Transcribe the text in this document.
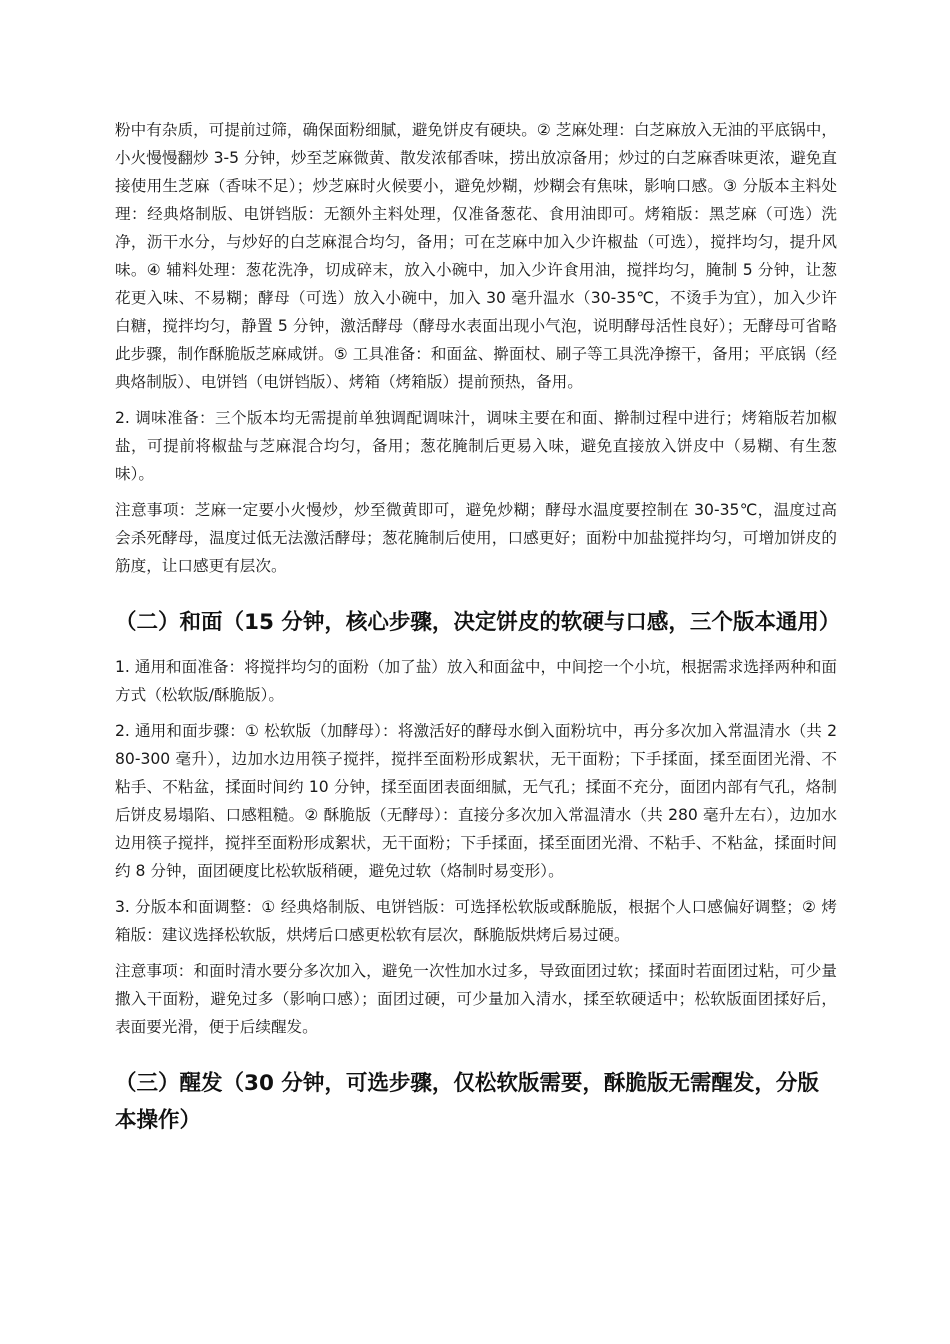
粉中有杂质，可提前过筛，确保面粉细腻，避免饼皮有硬块。② 芝麻处理：白芝麻放入无油的平底锅中，小火慢慢翻炒 3-5 分钟，炒至芝麻微黄、散发浓郁香味，捞出放凉备用；炒过的白芝麻香味更浓，避免直接使用生芝麻（香味不足）；炒芝麻时火候要小，避免炒糊，炒糊会有焦味，影响口感。③ 分版本主料处理：经典烙制版、电饼铛版：无额外主料处理，仅准备葱花、食用油即可。烤箱版：黑芝麻（可选）洗净，沥干水分，与炒好的白芝麻混合均匀，备用；可在芝麻中加入少许椒盐（可选），搅拌均匀，提升风味。④ 辅料处理：葱花洗净，切成碎末，放入小碗中，加入少许食用油，搅拌均匀，腌制 5 分钟，让葱花更入味、不易糊；酵母（可选）放入小碗中，加入 30 毫升温水（30-35℃，不烫手为宜），加入少许白糖，搅拌均匀，静置 5 分钟，激活酵母（酵母水表面出现小气泡，说明酵母活性良好）；无酵母可省略此步骤，制作酥脆版芝麻咸饼。⑤ 工具准备：和面盆、擀面杖、刷子等工具洗净擦干，备用；平底锅（经典烙制版）、电饼铛（电饼铛版）、烤箱（烤箱版）提前预热，备用。

2. 调味准备：三个版本均无需提前单独调配调味汁，调味主要在和面、擀制过程中进行；烤箱版若加椒盐，可提前将椒盐与芝麻混合均匀，备用；葱花腌制后更易入味，避免直接放入饼皮中（易糊、有生葱味）。

注意事项：芝麻一定要小火慢炒，炒至微黄即可，避免炒糊；酵母水温度要控制在 30-35℃，温度过高会杀死酵母，温度过低无法激活酵母；葱花腌制后使用，口感更好；面粉中加盐搅拌均匀，可增加饼皮的筋度，让口感更有层次。

（二）和面（15 分钟，核心步骤，决定饼皮的软硬与口感，三个版本通用）

1. 通用和面准备：将搅拌均匀的面粉（加了盐）放入和面盆中，中间挖一个小坑，根据需求选择两种和面方式（松软版/酥脆版）。

2. 通用和面步骤：① 松软版（加酵母）：将激活好的酵母水倒入面粉坑中，再分多次加入常温清水（共 280-300 毫升），边加水边用筷子搅拌，搅拌至面粉形成絮状，无干面粉；下手揉面，揉至面团光滑、不粘手、不粘盆，揉面时间约 10 分钟，揉至面团表面细腻，无气孔；揉面不充分，面团内部有气孔，烙制后饼皮易塌陷、口感粗糙。② 酥脆版（无酵母）：直接分多次加入常温清水（共 280 毫升左右），边加水边用筷子搅拌，搅拌至面粉形成絮状，无干面粉；下手揉面，揉至面团光滑、不粘手、不粘盆，揉面时间约 8 分钟，面团硬度比松软版稍硬，避免过软（烙制时易变形）。

3. 分版本和面调整：① 经典烙制版、电饼铛版：可选择松软版或酥脆版，根据个人口感偏好调整；② 烤箱版：建议选择松软版，烘烤后口感更松软有层次，酥脆版烘烤后易过硬。

注意事项：和面时清水要分多次加入，避免一次性加水过多，导致面团过软；揉面时若面团过粘，可少量撒入干面粉，避免过多（影响口感）；面团过硬，可少量加入清水，揉至软硬适中；松软版面团揉好后，表面要光滑，便于后续醒发。

（三）醒发（30 分钟，可选步骤，仅松软版需要，酥脆版无需醒发，分版本操作）
